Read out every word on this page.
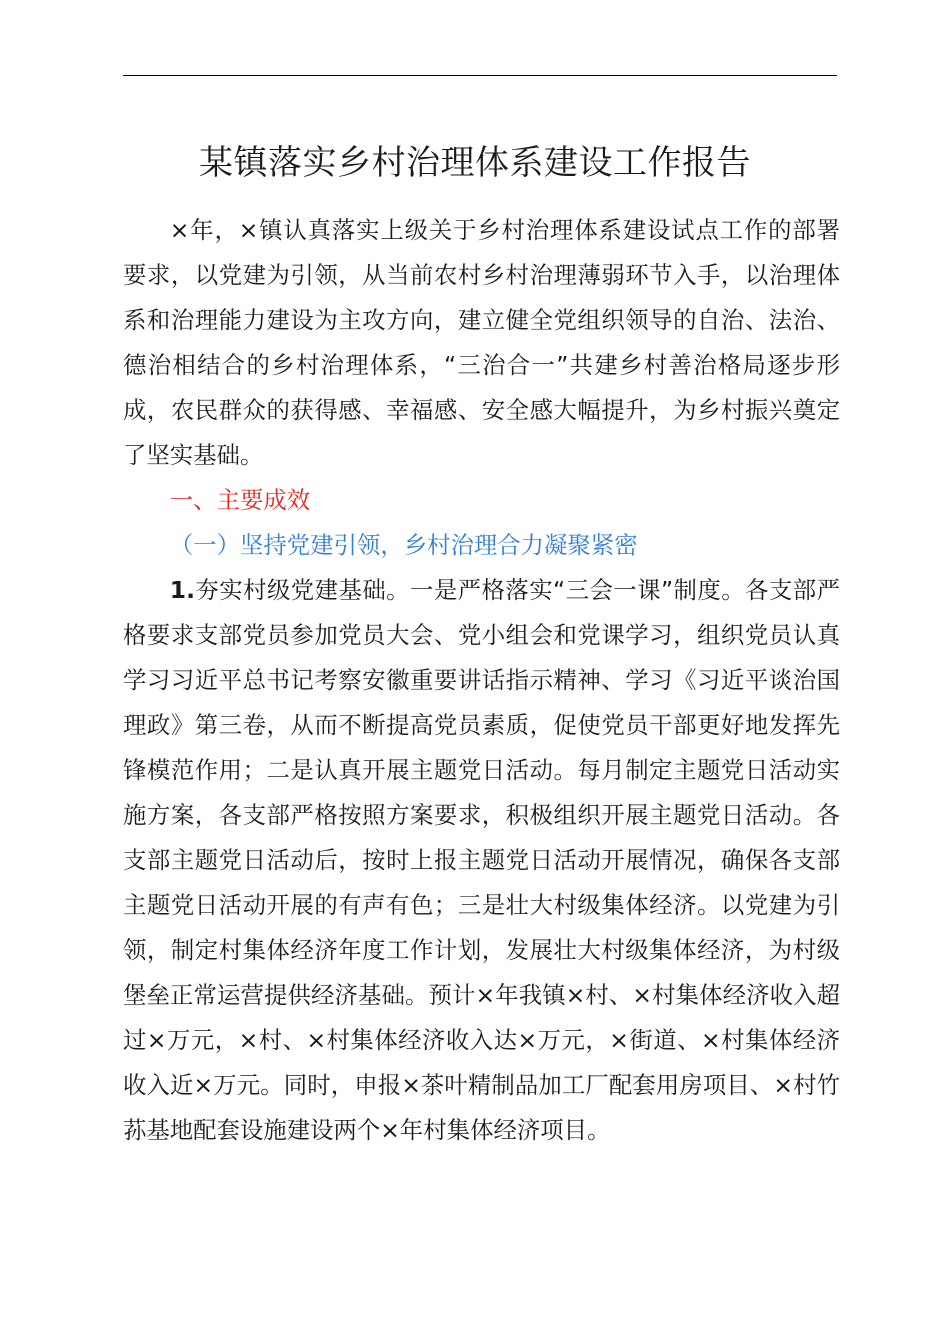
某镇落实乡村治理体系建设工作报告

×年，×镇认真落实上级关于乡村治理体系建设试点工作的部署要求，以党建为引领，从当前农村乡村治理薄弱环节入手，以治理体系和治理能力建设为主攻方向，建立健全党组织领导的自治、法治、德治相结合的乡村治理体系，“三治合一”共建乡村善治格局逐步形成，农民群众的获得感、幸福感、安全感大幅提升，为乡村振兴奠定了坚实基础。

一、主要成效

（一）坚持党建引领，乡村治理合力凝聚紧密

1.夯实村级党建基础。一是严格落实“三会一课”制度。各支部严格要求支部党员参加党员大会、党小组会和党课学习，组织党员认真学习习近平总书记考察安徽重要讲话指示精神、学习《习近平谈治国理政》第三卷，从而不断提高党员素质，促使党员干部更好地发挥先锋模范作用；二是认真开展主题党日活动。每月制定主题党日活动实施方案，各支部严格按照方案要求，积极组织开展主题党日活动。各支部主题党日活动后，按时上报主题党日活动开展情况，确保各支部主题党日活动开展的有声有色；三是壮大村级集体经济。以党建为引领，制定村集体经济年度工作计划，发展壮大村级集体经济，为村级堡垒正常运营提供经济基础。预计×年我镇×村、×村集体经济收入超过×万元，×村、×村集体经济收入达×万元，×街道、×村集体经济收入近×万元。同时，申报×茶叶精制品加工厂配套用房项目、×村竹荪基地配套设施建设两个×年村集体经济项目。
